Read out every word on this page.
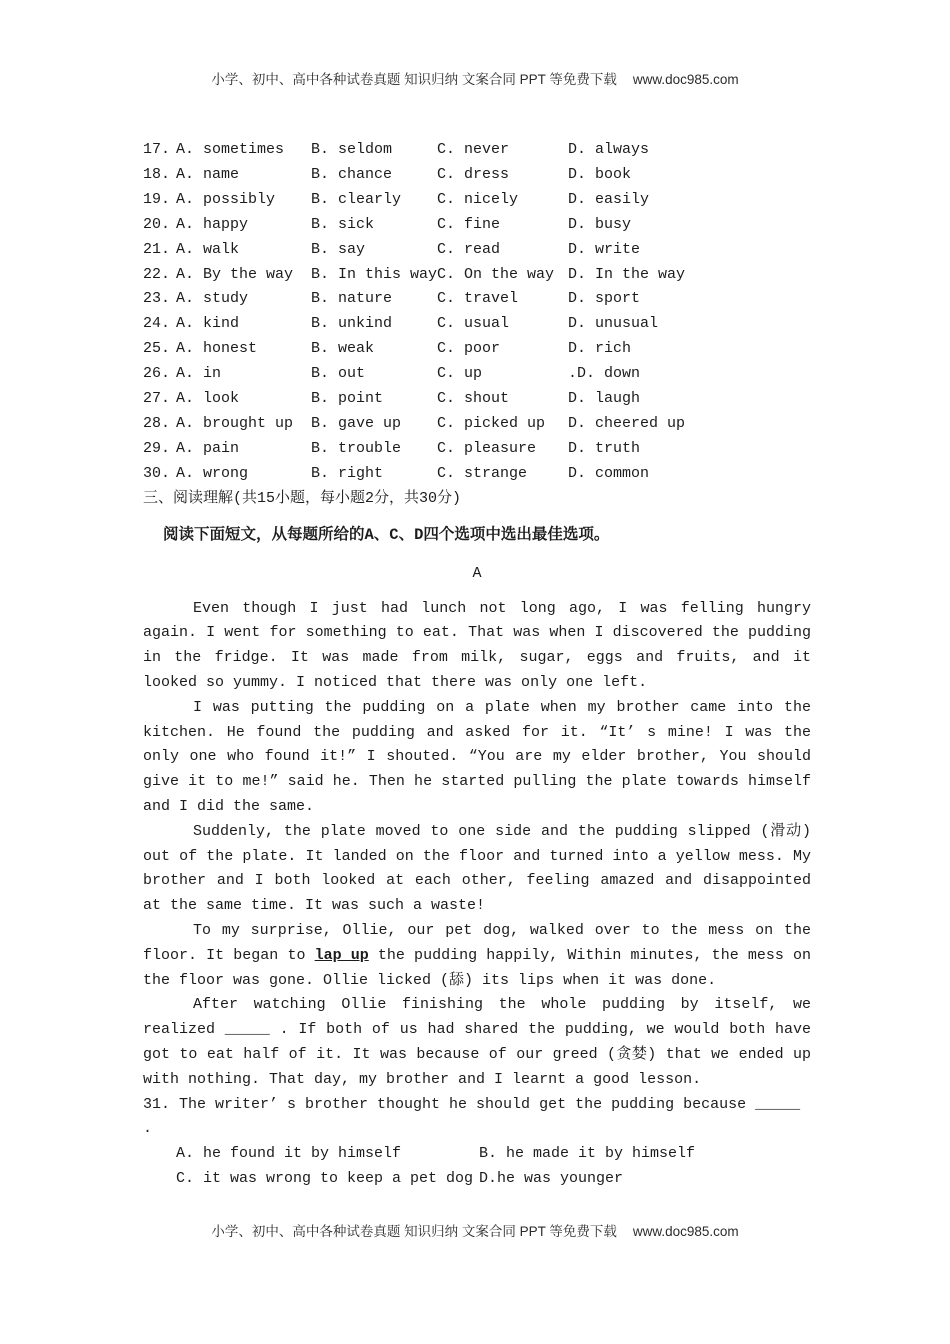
小学、初中、高中各种试卷真题 知识归纳 文案合同 PPT 等免费下载 www.doc985.com
17. A. sometimes	B. seldom	C. never	D. always
18. A. name	B. chance	C. dress	D. book
19. A. possibly	B. clearly	C. nicely	D. easily
20. A. happy	B. sick	C. fine	D. busy
21. A. walk	B. say	C. read	D. write
22. A. By the way	B. In this way C. On the way D. In the way
23. A. study	B. nature	C. travel	D. sport
24. A. kind	B. unkind	C. usual	D. unusual
25. A. honest	B. weak	C. poor	D. rich
26. A. in	B. out	C. up	.D. down
27. A. look	B. point	C. shout	D. laugh
28. A. brought up	B. gave up	C. picked up	D. cheered up
29. A. pain	B. trouble	C. pleasure	D. truth
30. A. wrong	B. right	C. strange	D. common
三、阅读理解(共15小题，每小题2分，共30分)
阅读下面短文，从每题所给的A、C、D四个选项中选出最佳选项。
A

Even though I just had lunch not long ago, I was felling hungry again. I went for something to eat. That was when I discovered the pudding in the fridge. It was made from milk, sugar, eggs and fruits, and it looked so yummy. I noticed that there was only one left.

I was putting the pudding on a plate when my brother came into the kitchen. He found the pudding and asked for it. “It’ s mine! I was the only one who found it!” I shouted. “You are my elder brother, You should give it to me!” said he. Then he started pulling the plate towards himself and I did the same.

Suddenly, the plate moved to one side and the pudding slipped (滑动) out of the plate. It landed on the floor and turned into a yellow mess. My brother and I both looked at each other, feeling amazed and disappointed at the same time. It was such a waste!

To my surprise, Ollie, our pet dog, walked over to the mess on the floor. It began to lap up the pudding happily, Within minutes, the mess on the floor was gone. Ollie licked (舔) its lips when it was done.

After watching Ollie finishing the whole pudding by itself, we realized _____ . If both of us had shared the pudding, we would both have got to eat half of it. It was because of our greed (贪婪) that we ended up with nothing. That day, my brother and I learnt a good lesson.

31. The writer’ s brother thought he should get the pudding because _____ .
A. he found it by himself	B. he made it by himself
C. it was wrong to keep a pet dog D.he was younger
小学、初中、高中各种试卷真题 知识归纳 文案合同 PPT 等免费下载 www.doc985.com
